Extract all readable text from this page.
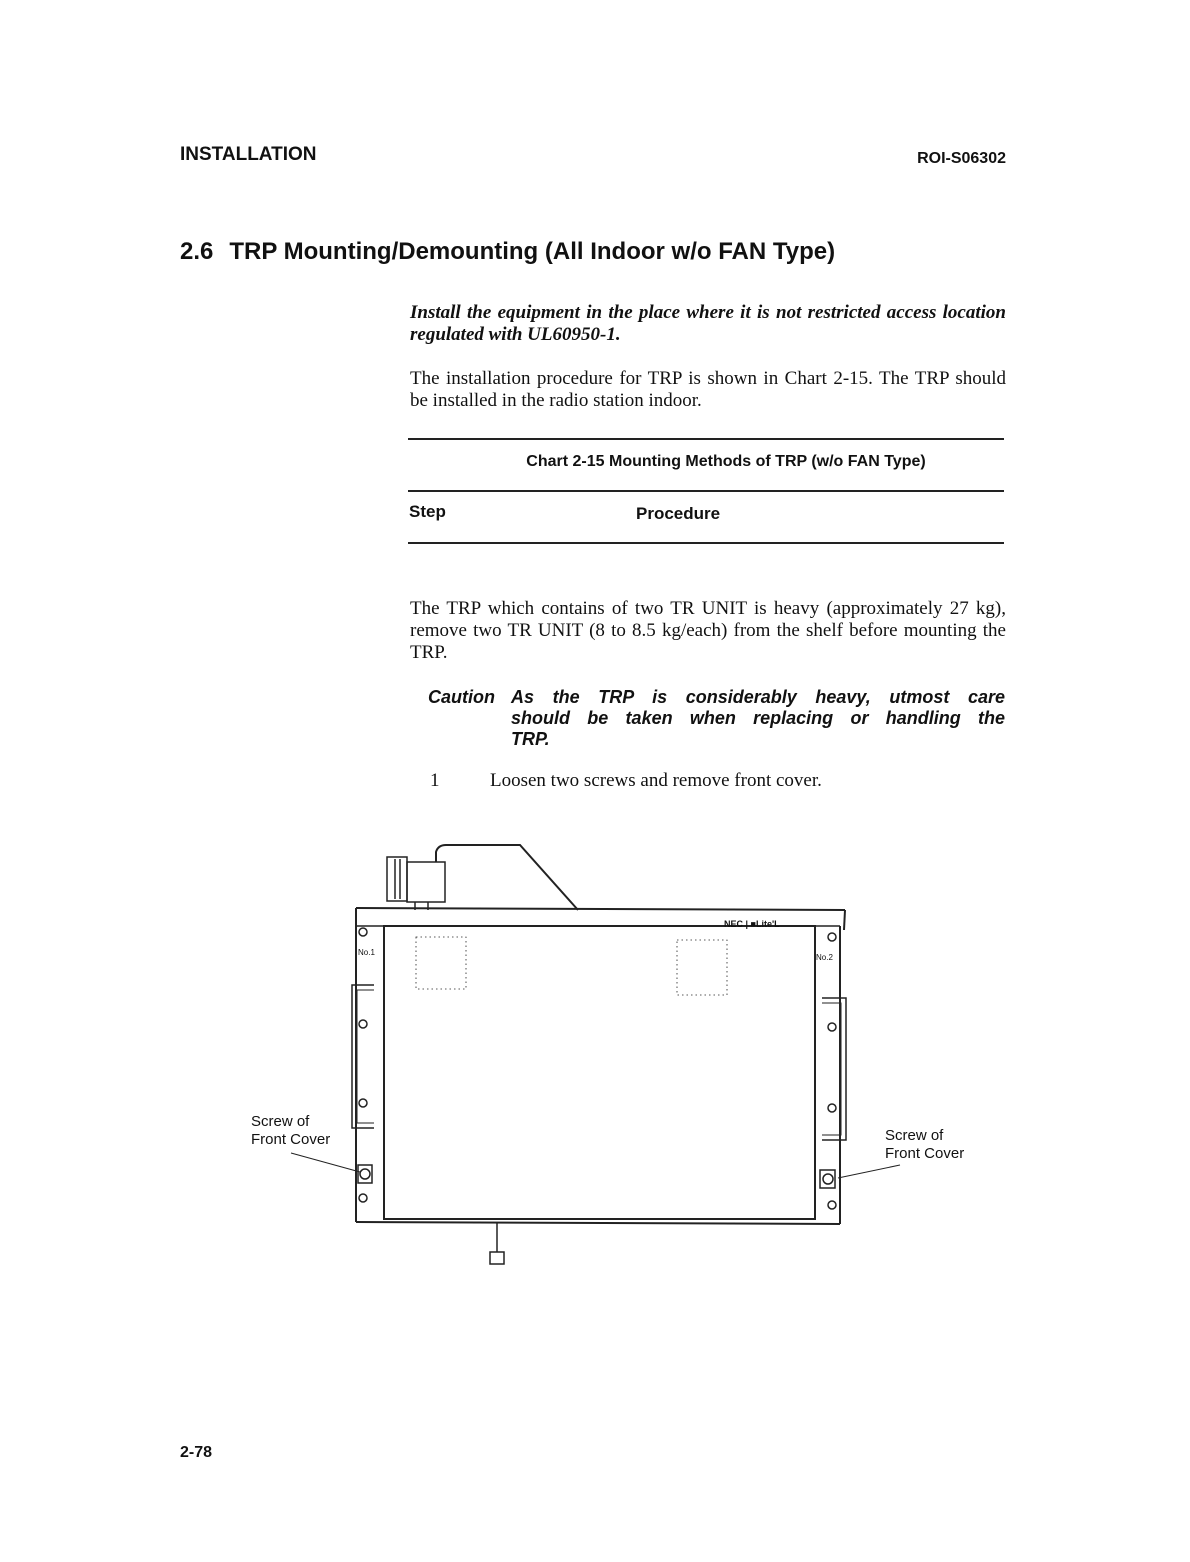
INSTALLATION	ROI-S06302
2.6 TRP Mounting/Demounting (All Indoor w/o FAN Type)
Install the equipment in the place where it is not restricted access location regulated with UL60950-1.
The installation procedure for TRP is shown in Chart 2-15. The TRP should be installed in the radio station indoor.
Chart 2-15 Mounting Methods of TRP (w/o FAN Type)
Step	Procedure
The TRP which contains of two TR UNIT is heavy (approximately 27 kg), remove two TR UNIT (8 to 8.5 kg/each) from the shelf before mounting the TRP.
Caution As the TRP is considerably heavy, utmost care
should be taken when replacing or handling the
TRP.
1	Loosen two screws and remove front cover.
NEC | ■Lite'L
No.1
No.2
Screw of
Front Cover	Screw of
Front Cover
2-78
